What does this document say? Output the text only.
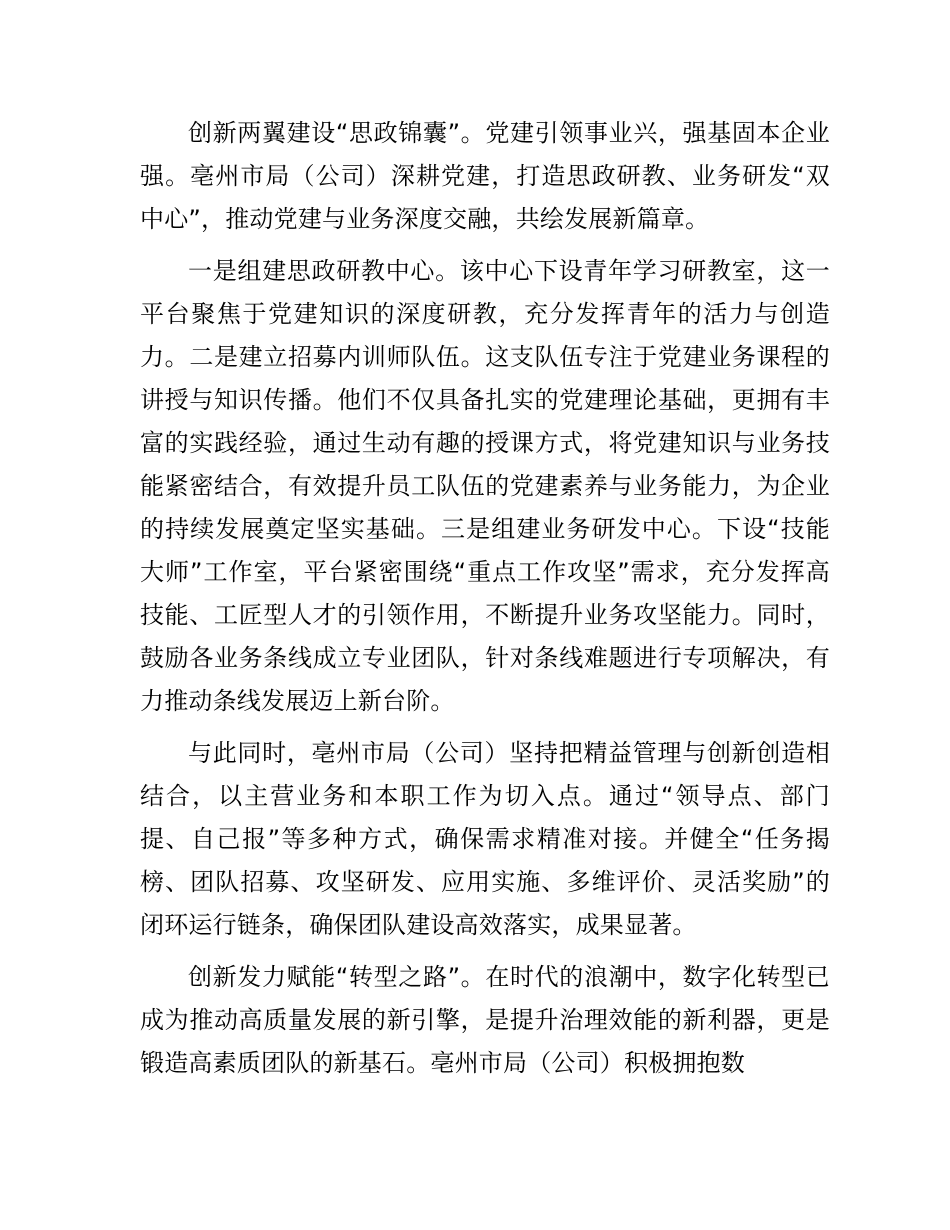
创新两翼建设“思政锦囊”。党建引领事业兴，强基固本企业强。亳州市局（公司）深耕党建，打造思政研教、业务研发“双中心”，推动党建与业务深度交融，共绘发展新篇章。

一是组建思政研教中心。该中心下设青年学习研教室，这一平台聚焦于党建知识的深度研教，充分发挥青年的活力与创造力。二是建立招募内训师队伍。这支队伍专注于党建业务课程的讲授与知识传播。他们不仅具备扎实的党建理论基础，更拥有丰富的实践经验，通过生动有趣的授课方式，将党建知识与业务技能紧密结合，有效提升员工队伍的党建素养与业务能力，为企业的持续发展奠定坚实基础。三是组建业务研发中心。下设“技能大师”工作室，平台紧密围绕“重点工作攻坚”需求，充分发挥高技能、工匠型人才的引领作用，不断提升业务攻坚能力。同时，鼓励各业务条线成立专业团队，针对条线难题进行专项解决，有力推动条线发展迈上新台阶。

与此同时，亳州市局（公司）坚持把精益管理与创新创造相结合，以主营业务和本职工作为切入点。通过“领导点、部门提、自己报”等多种方式，确保需求精准对接。并健全“任务揭榜、团队招募、攻坚研发、应用实施、多维评价、灵活奖励”的闭环运行链条，确保团队建设高效落实，成果显著。

创新发力赋能“转型之路”。在时代的浪潮中，数字化转型已成为推动高质量发展的新引擎，是提升治理效能的新利器，更是锻造高素质团队的新基石。亳州市局（公司）积极拥抱数
